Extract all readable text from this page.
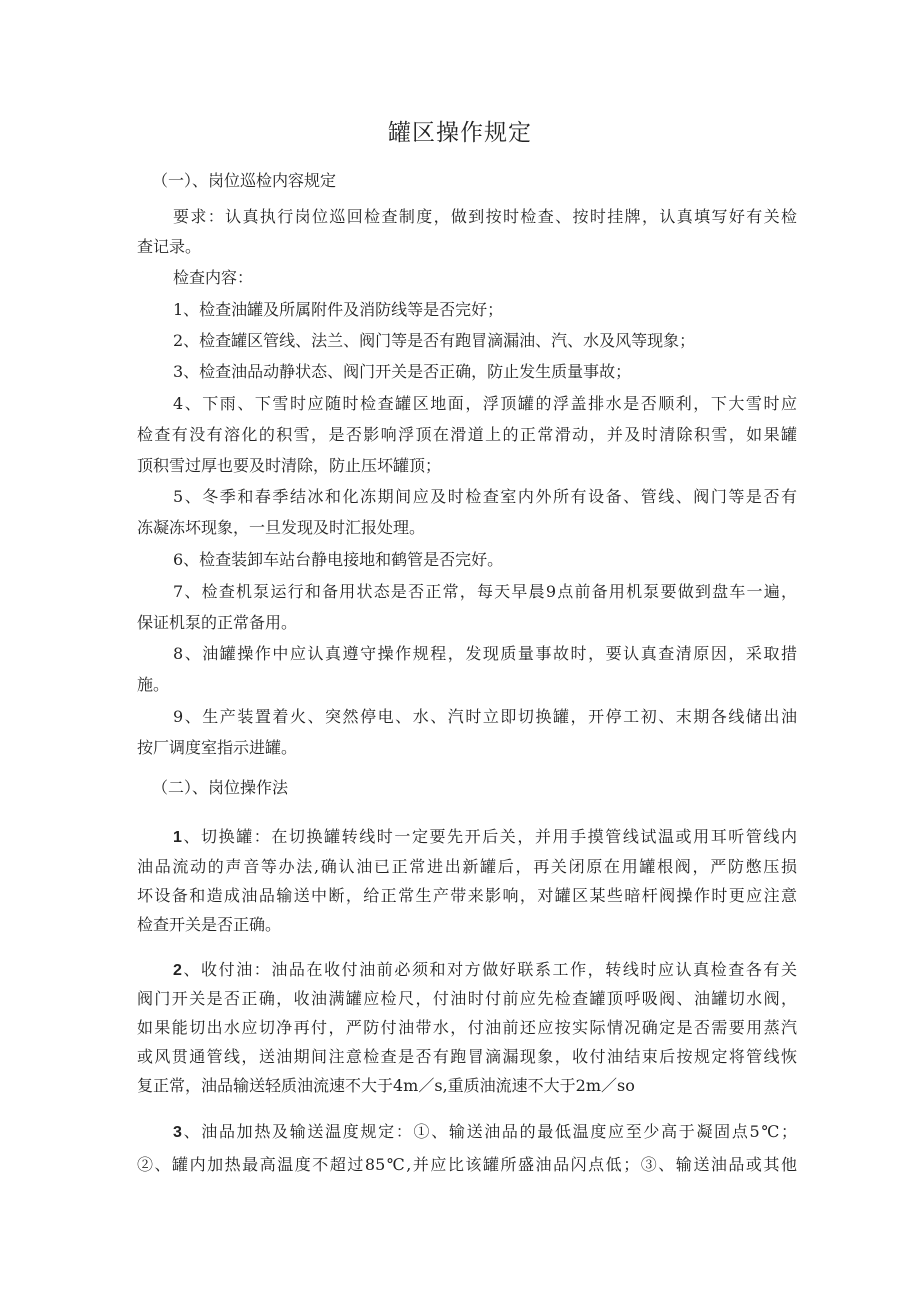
罐区操作规定
（一）、岗位巡检内容规定
要求：认真执行岗位巡回检查制度，做到按时检查、按时挂牌，认真填写好有关检
查记录。
检查内容：
1、检查油罐及所属附件及消防线等是否完好；
2、检查罐区管线、法兰、阀门等是否有跑冒滴漏油、汽、水及风等现象；
3、检查油品动静状态、阀门开关是否正确，防止发生质量事故；
4、下雨、下雪时应随时检查罐区地面，浮顶罐的浮盖排水是否顺利，下大雪时应
检查有没有溶化的积雪，是否影响浮顶在滑道上的正常滑动，并及时清除积雪，如果罐
顶积雪过厚也要及时清除，防止压坏罐顶；
5、冬季和春季结冰和化冻期间应及时检查室内外所有设备、管线、阀门等是否有
冻凝冻坏现象，一旦发现及时汇报处理。
6、检查装卸车站台静电接地和鹤管是否完好。
7、检查机泵运行和备用状态是否正常，每天早晨9点前备用机泵要做到盘车一遍，
保证机泵的正常备用。
8、油罐操作中应认真遵守操作规程，发现质量事故时，要认真查清原因，采取措
施。
9、生产装置着火、突然停电、水、汽时立即切换罐，开停工初、末期各线储出油
按厂调度室指示进罐。
（二）、岗位操作法
1、切换罐：在切换罐转线时一定要先开后关，并用手摸管线试温或用耳听管线内
油品流动的声音等办法,确认油已正常进出新罐后，再关闭原在用罐根阀，严防憋压损
坏设备和造成油品输送中断，给正常生产带来影响，对罐区某些暗杆阀操作时更应注意
检查开关是否正确。
2、收付油：油品在收付油前必须和对方做好联系工作，转线时应认真检查各有关
阀门开关是否正确，收油满罐应检尺，付油时付前应先检查罐顶呼吸阀、油罐切水阀，
如果能切出水应切净再付，严防付油带水，付油前还应按实际情况确定是否需要用蒸汽
或风贯通管线，送油期间注意检查是否有跑冒滴漏现象，收付油结束后按规定将管线恢
复正常，油品输送轻质油流速不大于4m／s,重质油流速不大于2m／so
3、油品加热及输送温度规定：①、输送油品的最低温度应至少高于凝固点5℃；
②、罐内加热最高温度不超过85℃,并应比该罐所盛油品闪点低；③、输送油品或其他
